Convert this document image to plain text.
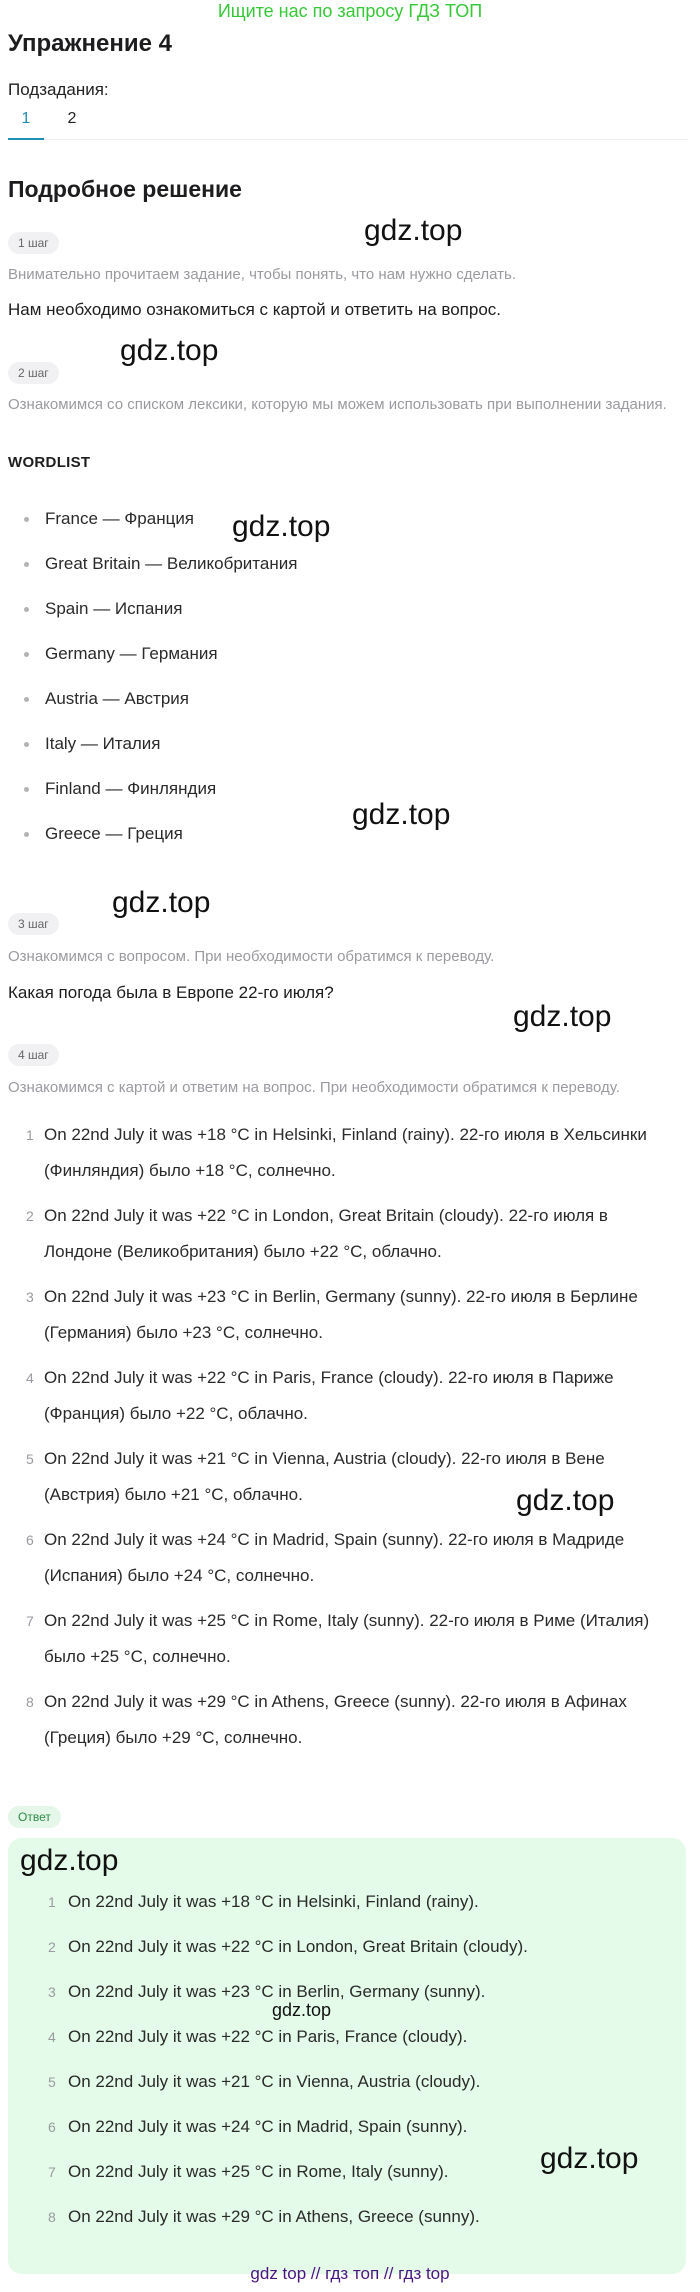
Ищите нас по запросу ГДЗ ТОП
Упражнение 4
Подзадания:
1	2
Подробное решение
1 шаг
Внимательно прочитаем задание, чтобы понять, что нам нужно сделать.
Нам необходимо ознакомиться с картой и ответить на вопрос.
2 шаг
Ознакомимся со списком лексики, которую мы можем использовать при выполнении задания.
WORDLIST
France — Франция
Great Britain — Великобритания
Spain — Испания
Germany — Германия
Austria — Австрия
Italy — Италия
Finland — Финляндия
Greece — Греция
3 шаг
Ознакомимся с вопросом. При необходимости обратимся к переводу.
Какая погода была в Европе 22-го июля?
4 шаг
Ознакомимся с картой и ответим на вопрос. При необходимости обратимся к переводу.
1 On 22nd July it was +18 °C in Helsinki, Finland (rainy). 22-го июля в Хельсинки
(Финляндия) было +18 °C, солнечно.
2 On 22nd July it was +22 °C in London, Great Britain (cloudy). 22-го июля в
Лондоне (Великобритания) было +22 °C, облачно.
3 On 22nd July it was +23 °C in Berlin, Germany (sunny). 22-го июля в Берлине
(Германия) было +23 °C, солнечно.
4 On 22nd July it was +22 °C in Paris, France (cloudy). 22-го июля в Париже
(Франция) было +22 °C, облачно.
5 On 22nd July it was +21 °C in Vienna, Austria (cloudy). 22-го июля в Вене
(Австрия) было +21 °C, облачно.
6 On 22nd July it was +24 °C in Madrid, Spain (sunny). 22-го июля в Мадриде
(Испания) было +24 °C, солнечно.
7 On 22nd July it was +25 °C in Rome, Italy (sunny). 22-го июля в Риме (Италия)
было +25 °C, солнечно.
8 On 22nd July it was +29 °C in Athens, Greece (sunny). 22-го июля в Афинах
(Греция) было +29 °C, солнечно.
Ответ
1 On 22nd July it was +18 °C in Helsinki, Finland (rainy).
2 On 22nd July it was +22 °C in London, Great Britain (cloudy).
3 On 22nd July it was +23 °C in Berlin, Germany (sunny).
4 On 22nd July it was +22 °C in Paris, France (cloudy).
5 On 22nd July it was +21 °C in Vienna, Austria (cloudy).
6 On 22nd July it was +24 °C in Madrid, Spain (sunny).
7 On 22nd July it was +25 °C in Rome, Italy (sunny).
8 On 22nd July it was +29 °C in Athens, Greece (sunny).
gdz.top
gdz.top
gdz.top
gdz.top
gdz.top
gdz.top
gdz.top
gdz.top
gdz.top
gdz.top
gdz top // гдз топ // гдз top
